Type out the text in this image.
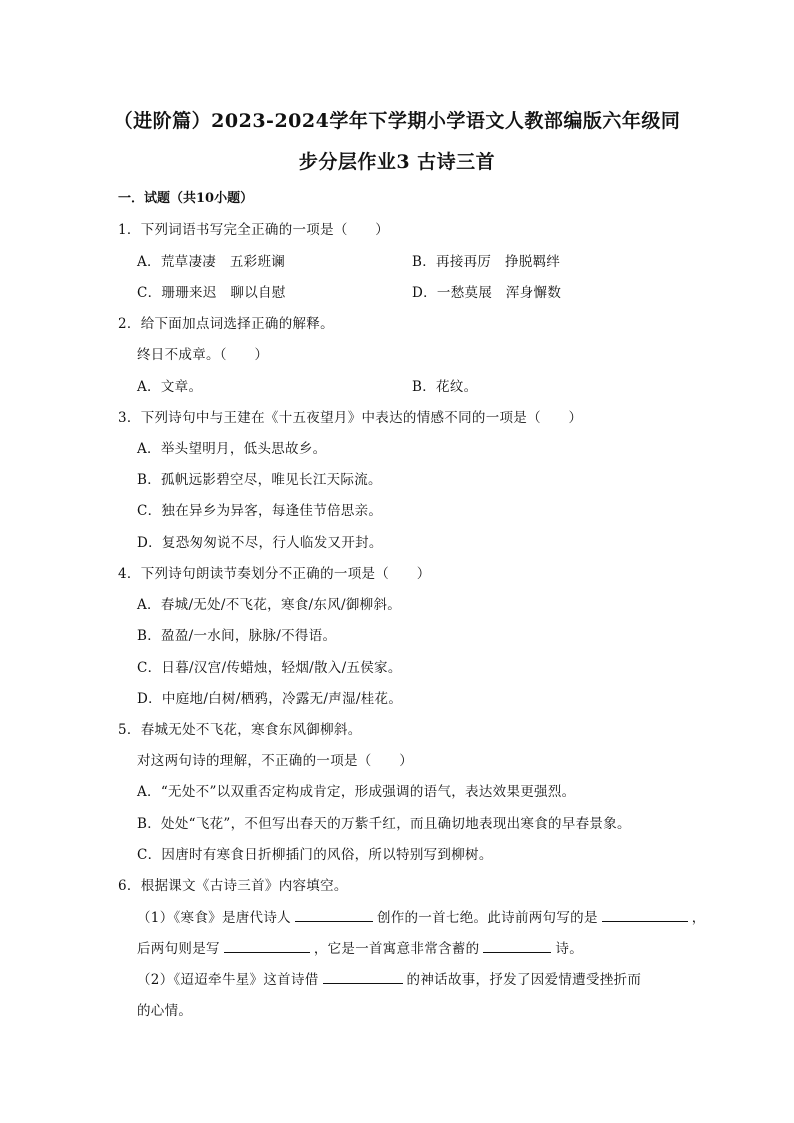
（进阶篇）2023-2024学年下学期小学语文人教部编版六年级同
步分层作业3 古诗三首
一．试题（共10小题）
1．下列词语书写完全正确的一项是（　　）
A．荒草凄凄　五彩班谰	B．再接再厉　挣脱羁绊
C．珊珊来迟　聊以自慰	D．一愁莫展　浑身懈数
2．给下面加点词选择正确的解释。
终日不成章。（　　）
A．文章。	B．花纹。
3．下列诗句中与王建在《十五夜望月》中表达的情感不同的一项是（　　）
A．举头望明月，低头思故乡。
B．孤帆远影碧空尽，唯见长江天际流。
C．独在异乡为异客，每逢佳节倍思亲。
D．复恐匆匆说不尽，行人临发又开封。
4．下列诗句朗读节奏划分不正确的一项是（　　）
A．春城/无处/不飞花，寒食/东风/御柳斜。
B．盈盈/一水间，脉脉/不得语。
C．日暮/汉宫/传蜡烛，轻烟/散入/五侯家。
D．中庭地/白树/栖鸦，冷露无/声湿/桂花。
5．春城无处不飞花，寒食东风御柳斜。
对这两句诗的理解，不正确的一项是（　　）
A．“无处不”以双重否定构成肯定，形成强调的语气，表达效果更强烈。
B．处处“飞花”，不但写出春天的万紫千红，而且确切地表现出寒食的早春景象。
C．因唐时有寒食日折柳插门的风俗，所以特别写到柳树。
6．根据课文《古诗三首》内容填空。
（1）《寒食》是唐代诗人	创作的一首七绝。此诗前两句写的是	，
后两句则是写	，它是一首寓意非常含蓄的	诗。
（2）《迢迢牵牛星》这首诗借	的神话故事，抒发了因爱情遭受挫折而
的心情。
